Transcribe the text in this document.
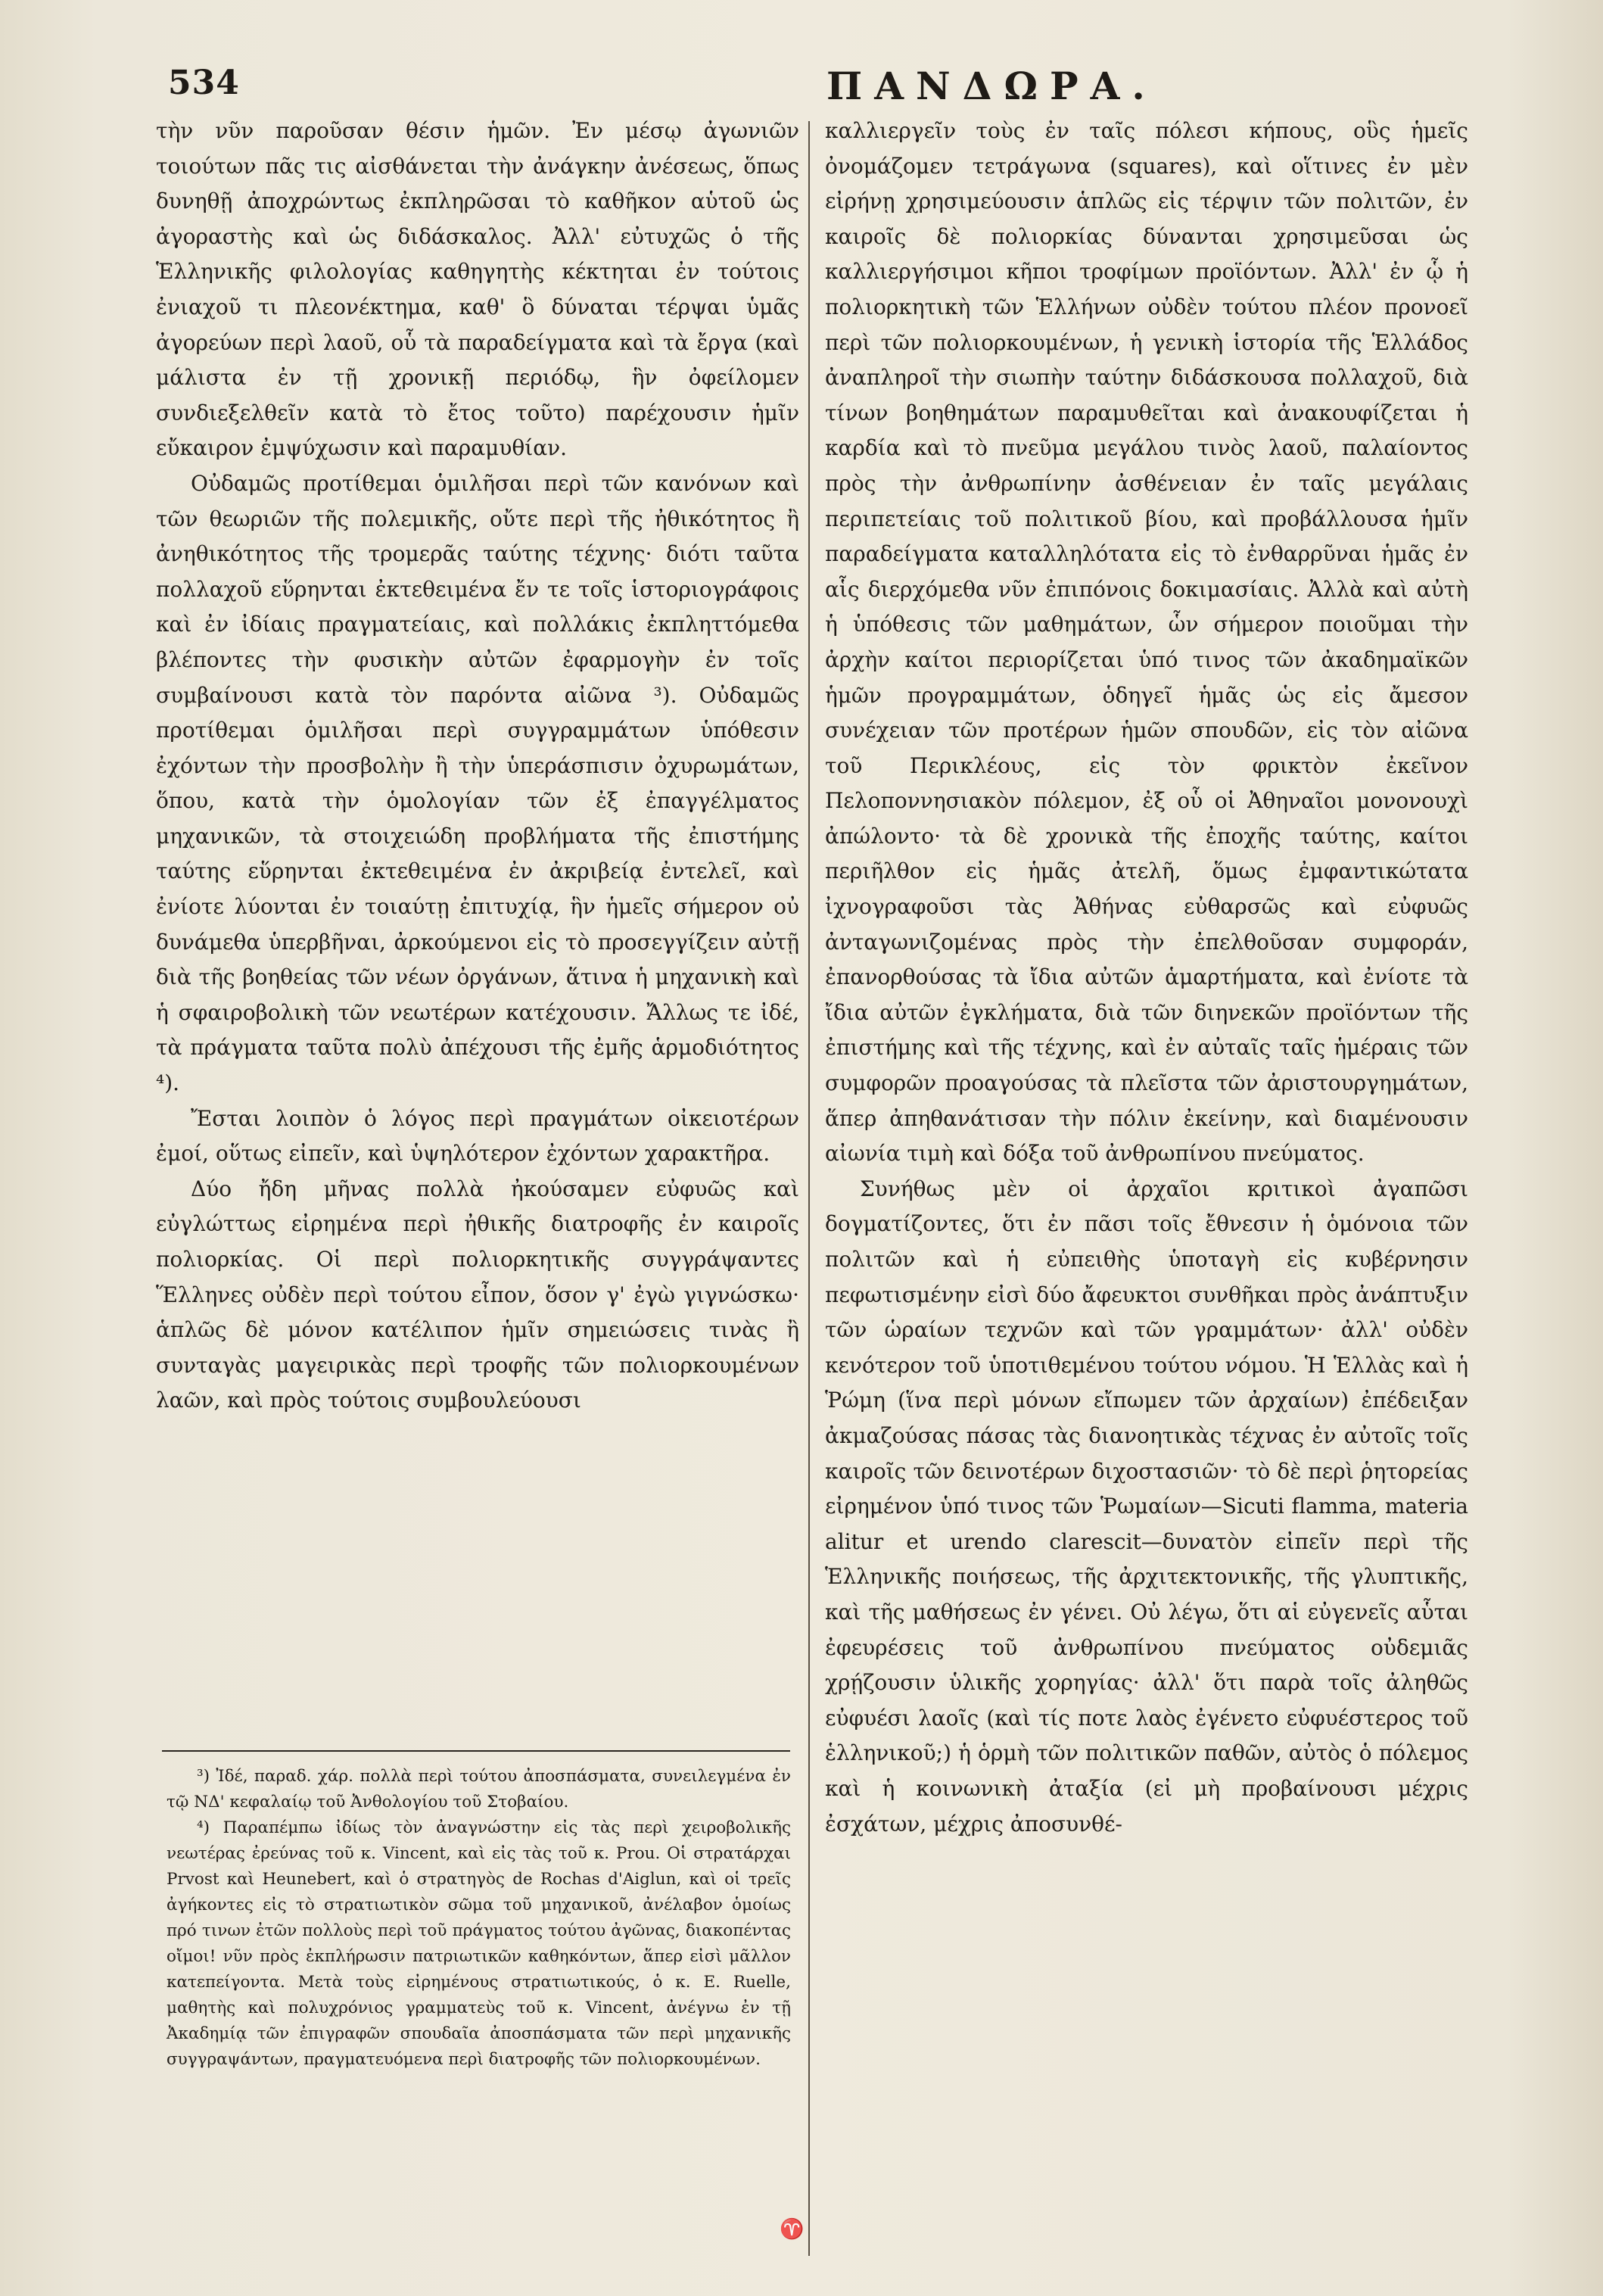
534	ΠΑΝΔΩΡΑ.

τὴν νῦν παροῦσαν θέσιν ἡμῶν. Ἐν μέσῳ ἀγωνιῶν τοιούτων πᾶς τις αἰσθάνεται τὴν ἀνάγκην ἀνέσεως, ὅπως δυνηθῇ ἀποχρώντως ἐκπληρῶσαι τὸ καθῆκον αὑτοῦ ὡς ἀγοραστὴς καὶ ὡς διδάσκαλος. Ἀλλ' εὐτυχῶς ὁ τῆς Ἑλληνικῆς φιλολογίας καθηγητὴς κέκτηται ἐν τούτοις ἐνιαχοῦ τι πλεονέκτημα, καθ' ὃ δύναται τέρψαι ὑμᾶς ἀγορεύων περὶ λαοῦ, οὗ τὰ παραδείγματα καὶ τὰ ἔργα (καὶ μάλιστα ἐν τῇ χρονικῇ περιόδῳ, ἣν ὀφείλομεν συνδιεξελθεῖν κατὰ τὸ ἔτος τοῦτο) παρέχουσιν ἡμῖν εὔκαιρον ἐμψύχωσιν καὶ παραμυθίαν.

Οὐδαμῶς προτίθεμαι ὁμιλῆσαι περὶ τῶν κανόνων καὶ τῶν θεωριῶν τῆς πολεμικῆς, οὔτε περὶ τῆς ἠθικότητος ἢ ἀνηθικότητος τῆς τρομερᾶς ταύτης τέχνης· διότι ταῦτα πολλαχοῦ εὕρηνται ἐκτεθειμένα ἔν τε τοῖς ἱστοριογράφοις καὶ ἐν ἰδίαις πραγματείαις, καὶ πολλάκις ἐκπληττόμεθα βλέποντες τὴν φυσικὴν αὐτῶν ἐφαρμογὴν ἐν τοῖς συμβαίνουσι κατὰ τὸν παρόντα αἰῶνα ³). Οὐδαμῶς προτίθεμαι ὁμιλῆσαι περὶ συγγραμμάτων ὑπόθεσιν ἐχόντων τὴν προσβολὴν ἢ τὴν ὑπεράσπισιν ὀχυρωμάτων, ὅπου, κατὰ τὴν ὁμολογίαν τῶν ἐξ ἐπαγγέλματος μηχανικῶν, τὰ στοιχειώδη προβλήματα τῆς ἐπιστήμης ταύτης εὕρηνται ἐκτεθειμένα ἐν ἀκριβείᾳ ἐντελεῖ, καὶ ἐνίοτε λύονται ἐν τοιαύτῃ ἐπιτυχίᾳ, ἣν ἡμεῖς σήμερον οὐ δυνάμεθα ὑπερβῆναι, ἀρκούμενοι εἰς τὸ προσεγγίζειν αὐτῇ διὰ τῆς βοηθείας τῶν νέων ὀργάνων, ἅτινα ἡ μηχανικὴ καὶ ἡ σφαιροβολικὴ τῶν νεωτέρων κατέχουσιν. Ἄλλως τε ἰδέ, τὰ πράγματα ταῦτα πολὺ ἀπέχουσι τῆς ἐμῆς ἁρμοδιότητος ⁴).

Ἔσται λοιπὸν ὁ λόγος περὶ πραγμάτων οἰκειοτέρων ἐμοί, οὕτως εἰπεῖν, καὶ ὑψηλότερον ἐχόντων χαρακτῆρα.

Δύο ἤδη μῆνας πολλὰ ἠκούσαμεν εὐφυῶς καὶ εὐγλώττως εἰρημένα περὶ ἠθικῆς διατροφῆς ἐν καιροῖς πολιορκίας. Οἱ περὶ πολιορκητικῆς συγγράψαντες Ἕλληνες οὐδὲν περὶ τούτου εἶπον, ὅσον γ' ἐγὼ γιγνώσκω· ἁπλῶς δὲ μόνον κατέλιπον ἡμῖν σημειώσεις τινὰς ἢ συνταγὰς μαγειρικὰς περὶ τροφῆς τῶν πολιορκουμένων λαῶν, καὶ πρὸς τούτοις συμβουλεύουσι

καλλιεργεῖν τοὺς ἐν ταῖς πόλεσι κήπους, οὓς ἡμεῖς ὀνομάζομεν τετράγωνα (squares), καὶ οἵτινες ἐν μὲν εἰρήνῃ χρησιμεύουσιν ἁπλῶς εἰς τέρψιν τῶν πολιτῶν, ἐν καιροῖς δὲ πολιορκίας δύνανται χρησιμεῦσαι ὡς καλλιεργήσιμοι κῆποι τροφίμων προϊόντων. Ἀλλ' ἐν ᾧ ἡ πολιορκητικὴ τῶν Ἑλλήνων οὐδὲν τούτου πλέον προνοεῖ περὶ τῶν πολιορκουμένων, ἡ γενικὴ ἱστορία τῆς Ἑλλάδος ἀναπληροῖ τὴν σιωπὴν ταύτην διδάσκουσα πολλαχοῦ, διὰ τίνων βοηθημάτων παραμυθεῖται καὶ ἀνακουφίζεται ἡ καρδία καὶ τὸ πνεῦμα μεγάλου τινὸς λαοῦ, παλαίοντος πρὸς τὴν ἀνθρωπίνην ἀσθένειαν ἐν ταῖς μεγάλαις περιπετείαις τοῦ πολιτικοῦ βίου, καὶ προβάλλουσα ἡμῖν παραδείγματα καταλληλότατα εἰς τὸ ἐνθαρρῦναι ἡμᾶς ἐν αἷς διερχόμεθα νῦν ἐπιπόνοις δοκιμασίαις. Ἀλλὰ καὶ αὐτὴ ἡ ὑπόθεσις τῶν μαθημάτων, ὧν σήμερον ποιοῦμαι τὴν ἀρχὴν καίτοι περιορίζεται ὑπό τινος τῶν ἀκαδημαϊκῶν ἡμῶν προγραμμάτων, ὁδηγεῖ ἡμᾶς ὡς εἰς ἄμεσον συνέχειαν τῶν προτέρων ἡμῶν σπουδῶν, εἰς τὸν αἰῶνα τοῦ Περικλέους, εἰς τὸν φρικτὸν ἐκεῖνον Πελοποννησιακὸν πόλεμον, ἐξ οὗ οἱ Ἀθηναῖοι μονονουχὶ ἀπώλοντο· τὰ δὲ χρονικὰ τῆς ἐποχῆς ταύτης, καίτοι περιῆλθον εἰς ἡμᾶς ἀτελῆ, ὅμως ἐμφαντικώτατα ἰχνογραφοῦσι τὰς Ἀθήνας εὐθαρσῶς καὶ εὐφυῶς ἀνταγωνιζομένας πρὸς τὴν ἐπελθοῦσαν συμφοράν, ἐπανορθούσας τὰ ἴδια αὐτῶν ἁμαρτήματα, καὶ ἐνίοτε τὰ ἴδια αὐτῶν ἐγκλήματα, διὰ τῶν διηνεκῶν προϊόντων τῆς ἐπιστήμης καὶ τῆς τέχνης, καὶ ἐν αὐταῖς ταῖς ἡμέραις τῶν συμφορῶν προαγούσας τὰ πλεῖστα τῶν ἀριστουργημάτων, ἅπερ ἀπηθανάτισαν τὴν πόλιν ἐκείνην, καὶ διαμένουσιν αἰωνία τιμὴ καὶ δόξα τοῦ ἀνθρωπίνου πνεύματος.

Συνήθως μὲν οἱ ἀρχαῖοι κριτικοὶ ἀγαπῶσι δογματίζοντες, ὅτι ἐν πᾶσι τοῖς ἔθνεσιν ἡ ὁμόνοια τῶν πολιτῶν καὶ ἡ εὐπειθὴς ὑποταγὴ εἰς κυβέρνησιν πεφωτισμένην εἰσὶ δύο ἄφευκτοι συνθῆκαι πρὸς ἀνάπτυξιν τῶν ὡραίων τεχνῶν καὶ τῶν γραμμάτων· ἀλλ' οὐδὲν κενότερον τοῦ ὑποτιθεμένου τούτου νόμου. Ἡ Ἑλλὰς καὶ ἡ Ῥώμη (ἵνα περὶ μόνων εἴπωμεν τῶν ἀρχαίων) ἐπέδειξαν ἀκμαζούσας πάσας τὰς διανοητικὰς τέχνας ἐν αὐτοῖς τοῖς καιροῖς τῶν δεινοτέρων διχοστασιῶν· τὸ δὲ περὶ ῥητορείας εἰρημένον ὑπό τινος τῶν Ῥωμαίων—Sicuti flamma, materia alitur et urendo clarescit—δυνατὸν εἰπεῖν περὶ τῆς Ἑλληνικῆς ποιήσεως, τῆς ἀρχιτεκτονικῆς, τῆς γλυπτικῆς, καὶ τῆς μαθήσεως ἐν γένει. Οὐ λέγω, ὅτι αἱ εὐγενεῖς αὗται ἐφευρέσεις τοῦ ἀνθρωπίνου πνεύματος οὐδεμιᾶς χρῄζουσιν ὑλικῆς χορηγίας· ἀλλ' ὅτι παρὰ τοῖς ἀληθῶς εὐφυέσι λαοῖς (καὶ τίς ποτε λαὸς ἐγένετο εὐφυέστερος τοῦ ἑλληνικοῦ;) ἡ ὁρμὴ τῶν πολιτικῶν παθῶν, αὐτὸς ὁ πόλεμος καὶ ἡ κοινωνικὴ ἀταξία (εἰ μὴ προβαίνουσι μέχρις ἐσχάτων, μέχρις ἀποσυνθέ-

³) Ἰδέ, παραδ. χάρ. πολλὰ περὶ τούτου ἀποσπάσματα, συνειλεγμένα ἐν τῷ ΝΔ' κεφαλαίῳ τοῦ Ἀνθολογίου τοῦ Στοβαίου.

⁴) Παραπέμπω ἰδίως τὸν ἀναγνώστην εἰς τὰς περὶ χειροβολικῆς νεωτέρας ἐρεύνας τοῦ κ. Vincent, καὶ εἰς τὰς τοῦ κ. Prou. Οἱ στρατάρχαι Prvost καὶ Heunebert, καὶ ὁ στρατηγὸς de Rochas d'Aiglun, καὶ οἱ τρεῖς ἀγήκοντες εἰς τὸ στρατιωτικὸν σῶμα τοῦ μηχανικοῦ, ἀνέλαβον ὁμοίως πρό τινων ἐτῶν πολλοὺς περὶ τοῦ πράγματος τούτου ἀγῶνας, διακοπέντας οἴμοι! νῦν πρὸς ἐκπλήρωσιν πατριωτικῶν καθηκόντων, ἅπερ εἰσὶ μᾶλλον κατεπείγοντα. Μετὰ τοὺς εἰρημένους στρατιωτικούς, ὁ κ. E. Ruelle, μαθητὴς καὶ πολυχρόνιος γραμματεὺς τοῦ κ. Vincent, ἀνέγνω ἐν τῇ Ἀκαδημίᾳ τῶν ἐπιγραφῶν σπουδαῖα ἀποσπάσματα τῶν περὶ μηχανικῆς συγγραψάντων, πραγματευόμενα περὶ διατροφῆς τῶν πολιορκουμένων.

♈
